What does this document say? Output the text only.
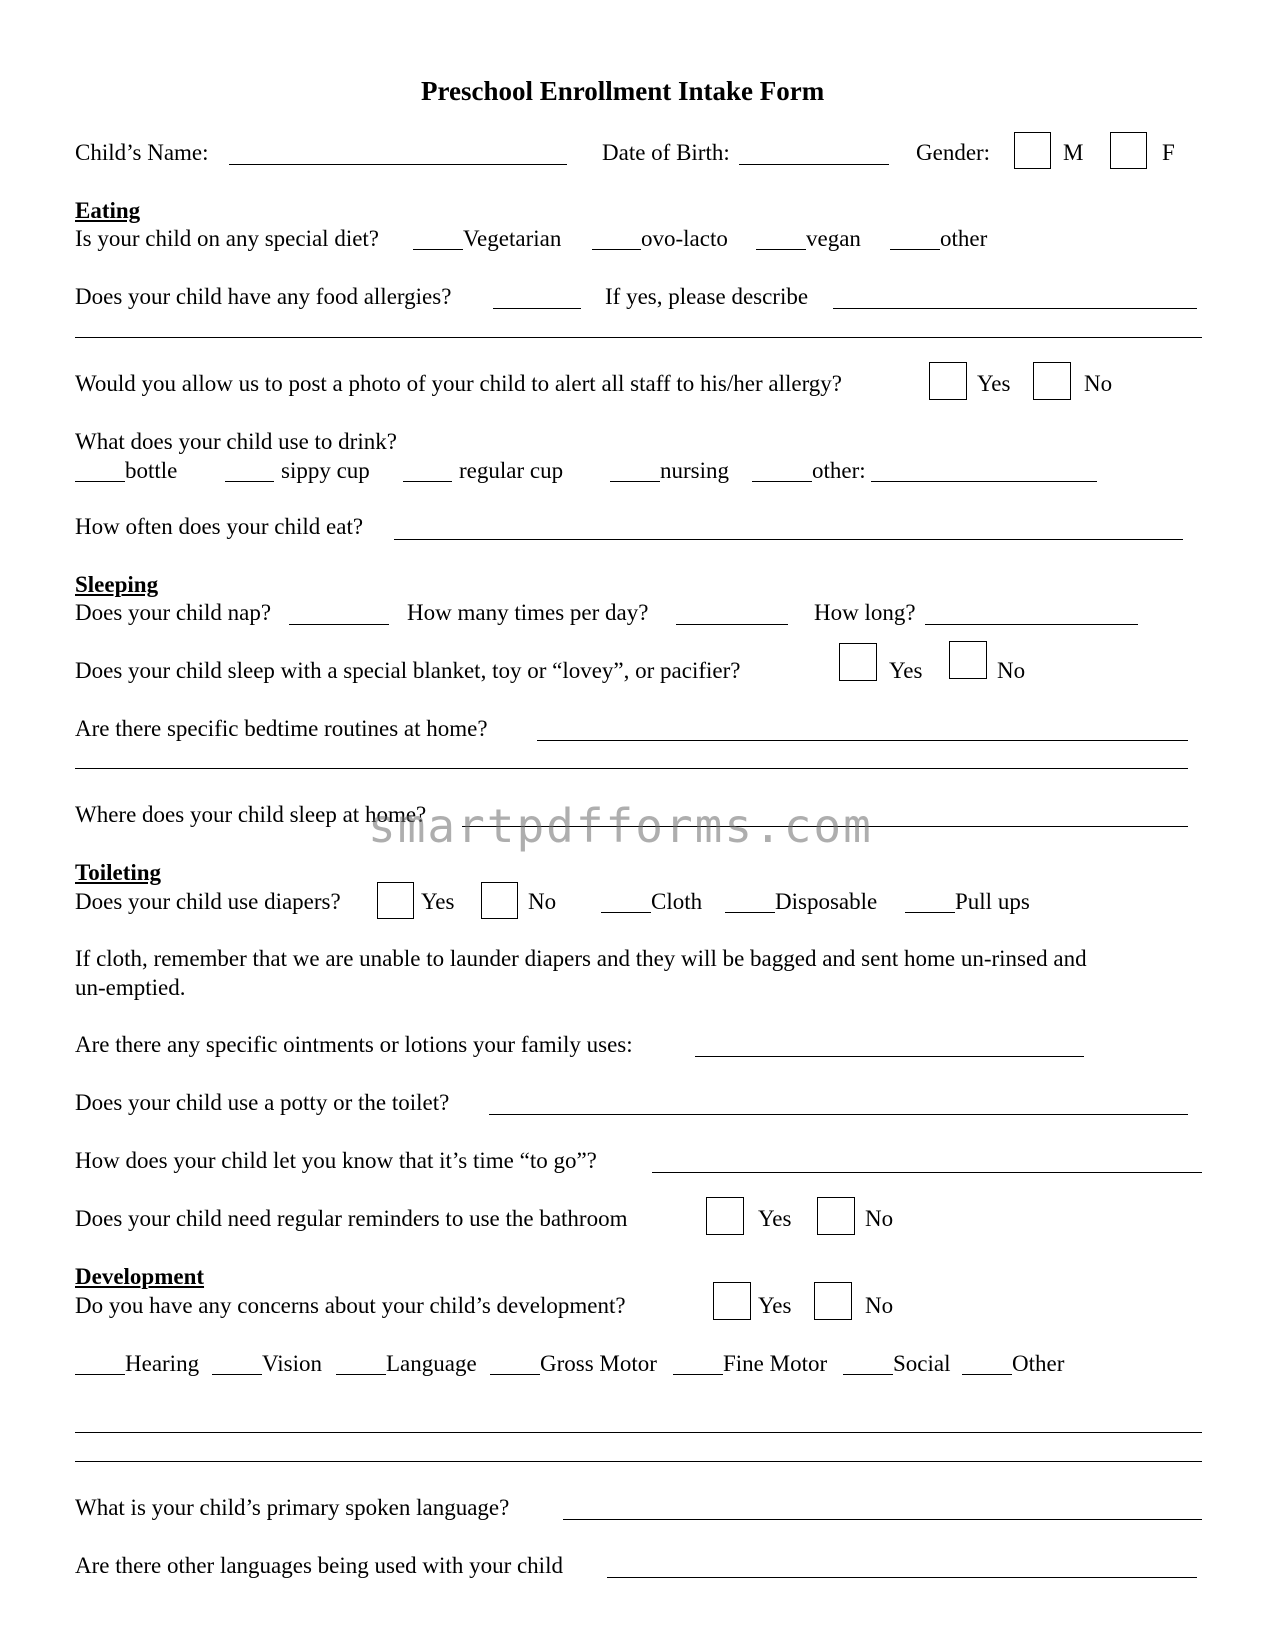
Preschool Enrollment Intake Form
Child’s Name:	Date of Birth:	Gender:	M	F
Eating
Is your child on any special diet?	Vegetarian	ovo-lacto	vegan	other
Does your child have any food allergies?	If yes, please describe
Would you allow us to post a photo of your child to alert all staff to his/her allergy?	Yes	No
What does your child use to drink?
bottle	sippy cup	regular cup	nursing	other:
How often does your child eat?
Sleeping
Does your child nap?	How many times per day?	How long?
Does your child sleep with a special blanket, toy or “lovey”, or pacifier?	Yes	No
Are there specific bedtime routines at home?
Where does your child sleep at home?
smartpdfforms.com
Toileting
Does your child use diapers?	Yes	No	Cloth	Disposable	Pull ups
If cloth, remember that we are unable to launder diapers and they will be bagged and sent home un-rinsed and
un-emptied.
Are there any specific ointments or lotions your family uses:
Does your child use a potty or the toilet?
How does your child let you know that it’s time “to go”?
Does your child need regular reminders to use the bathroom	Yes	No
Development
Do you have any concerns about your child’s development?	Yes	No
Hearing	Vision	Language	Gross Motor	Fine Motor	Social	Other
What is your child’s primary spoken language?
Are there other languages being used with your child
